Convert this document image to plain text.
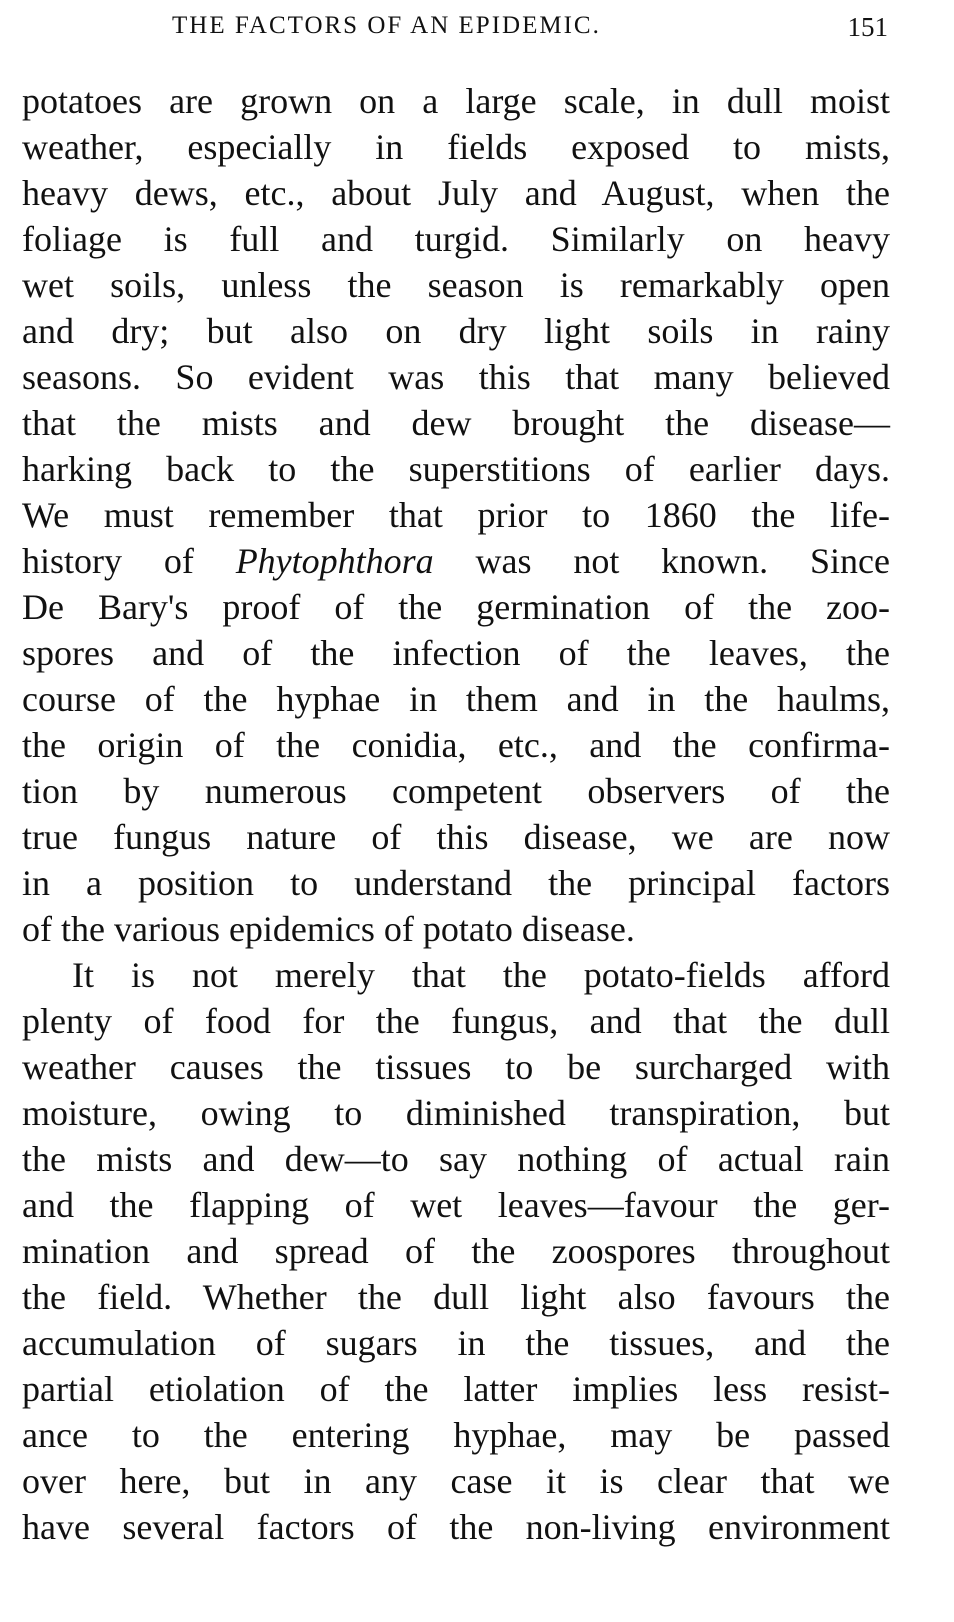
THE FACTORS OF AN EPIDEMIC.	151
potatoes are grown on a large scale, in dull moist
weather, especially in fields exposed to mists,
heavy dews, etc., about July and August, when the
foliage is full and turgid. Similarly on heavy
wet soils, unless the season is remarkably open
and dry; but also on dry light soils in rainy
seasons. So evident was this that many believed
that the mists and dew brought the disease—
harking back to the superstitions of earlier days.
We must remember that prior to 1860 the life-
history of Phytophthora was not known. Since
De Bary's proof of the germination of the zoo-
spores and of the infection of the leaves, the
course of the hyphae in them and in the haulms,
the origin of the conidia, etc., and the confirma-
tion by numerous competent observers of the
true fungus nature of this disease, we are now
in a position to understand the principal factors
of the various epidemics of potato disease.
It is not merely that the potato-fields afford
plenty of food for the fungus, and that the dull
weather causes the tissues to be surcharged with
moisture, owing to diminished transpiration, but
the mists and dew—to say nothing of actual rain
and the flapping of wet leaves—favour the ger-
mination and spread of the zoospores throughout
the field. Whether the dull light also favours the
accumulation of sugars in the tissues, and the
partial etiolation of the latter implies less resist-
ance to the entering hyphae, may be passed
over here, but in any case it is clear that we
have several factors of the non-living environment
